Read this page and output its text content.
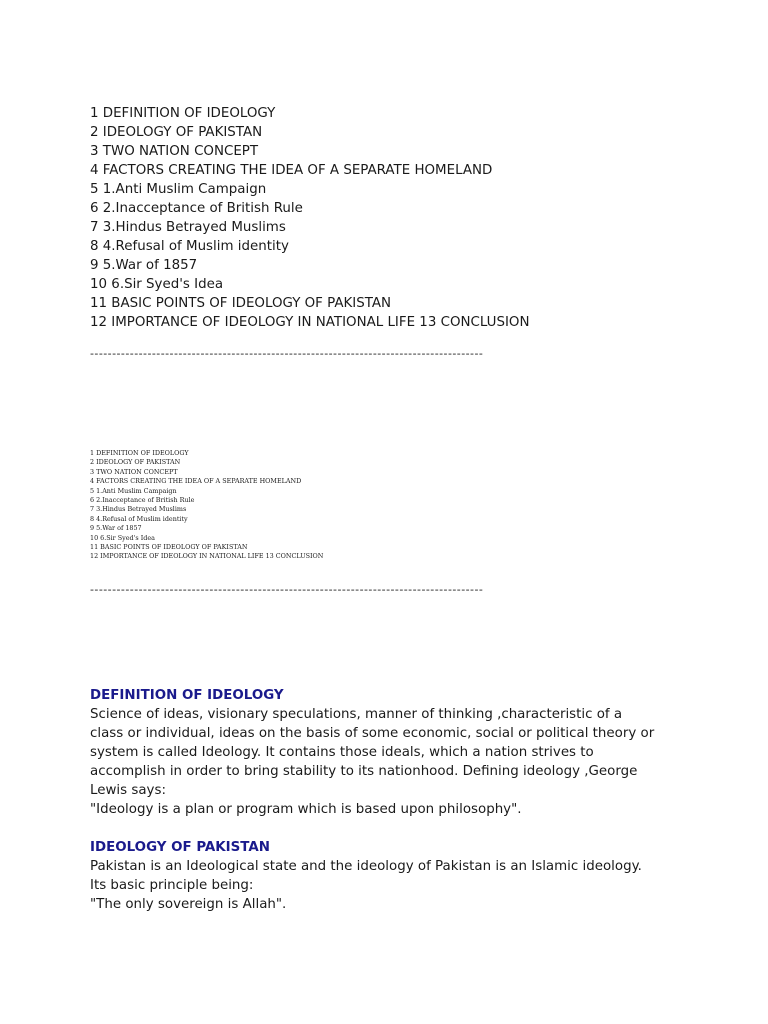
1 DEFINITION OF IDEOLOGY
2 IDEOLOGY OF PAKISTAN
3 TWO NATION CONCEPT
4 FACTORS CREATING THE IDEA OF A SEPARATE HOMELAND
5 1.Anti Muslim Campaign
6 2.Inacceptance of British Rule
7 3.Hindus Betrayed Muslims
8 4.Refusal of Muslim identity
9 5.War of 1857
10 6.Sir Syed's Idea
11 BASIC POINTS OF IDEOLOGY OF PAKISTAN
12 IMPORTANCE OF IDEOLOGY IN NATIONAL LIFE 13 CONCLUSION
-----------------------------------------------------------------------------------------
1 DEFINITION OF IDEOLOGY
2 IDEOLOGY OF PAKISTAN
3 TWO NATION CONCEPT
4 FACTORS CREATING THE IDEA OF A SEPARATE HOMELAND
5 1.Anti Muslim Campaign
6 2.Inacceptance of British Rule
7 3.Hindus Betrayed Muslims
8 4.Refusal of Muslim identity
9 5.War of 1857
10 6.Sir Syed's Idea
11 BASIC POINTS OF IDEOLOGY OF PAKISTAN
12 IMPORTANCE OF IDEOLOGY IN NATIONAL LIFE 13 CONCLUSION
-----------------------------------------------------------------------------------------
DEFINITION OF IDEOLOGY
Science of ideas, visionary speculations, manner of thinking ,characteristic of a
class or individual, ideas on the basis of some economic, social or political theory or
system is called Ideology. It contains those ideals, which a nation strives to
accomplish in order to bring stability to its nationhood. Defining ideology ,George
Lewis says:
"Ideology is a plan or program which is based upon philosophy".
IDEOLOGY OF PAKISTAN
Pakistan is an Ideological state and the ideology of Pakistan is an Islamic ideology.
Its basic principle being:
"The only sovereign is Allah".
